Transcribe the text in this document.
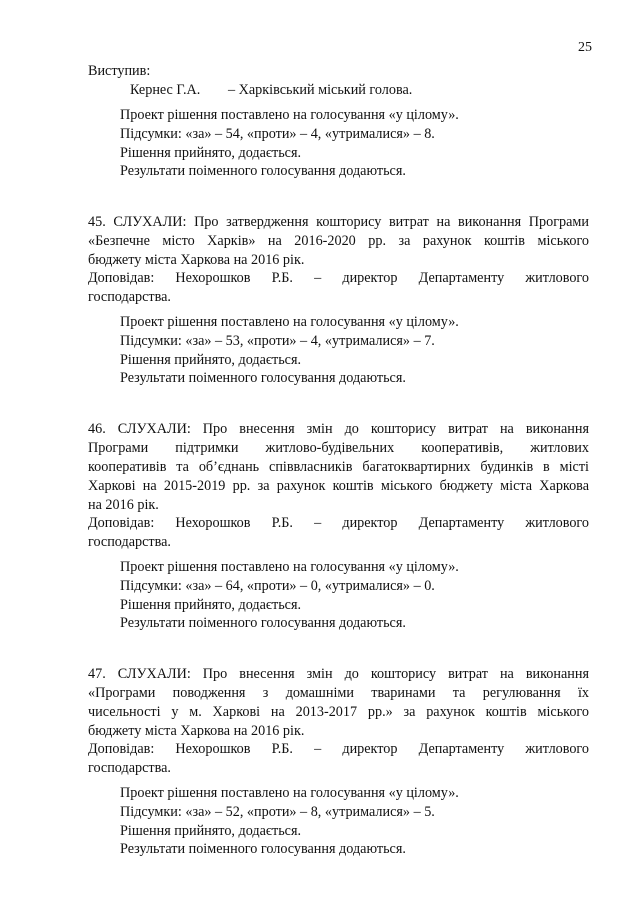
25
Виступив:
Кернес Г.А. – Харківський міський голова.
Проект рішення поставлено на голосування «у цілому».
Підсумки: «за» – 54, «проти» – 4, «утрималися» – 8.
Рішення прийнято, додається.
Результати поіменного голосування додаються.
45. СЛУХАЛИ: Про затвердження кошторису витрат на виконання Програми
«Безпечне місто Харків» на 2016-2020 рр. за рахунок коштів міського
бюджету міста Харкова на 2016 рік.
Доповідав: Нехорошков Р.Б. – директор Департаменту житлового
господарства.
Проект рішення поставлено на голосування «у цілому».
Підсумки: «за» – 53, «проти» – 4, «утрималися» – 7.
Рішення прийнято, додається.
Результати поіменного голосування додаються.
46. СЛУХАЛИ: Про внесення змін до кошторису витрат на виконання
Програми підтримки житлово-будівельних кооперативів, житлових
кооперативів та об’єднань співвласників багатоквартирних будинків в місті
Харкові на 2015-2019 рр. за рахунок коштів міського бюджету міста Харкова
на 2016 рік.
Доповідав: Нехорошков Р.Б. – директор Департаменту житлового
господарства.
Проект рішення поставлено на голосування «у цілому».
Підсумки: «за» – 64, «проти» – 0, «утрималися» – 0.
Рішення прийнято, додається.
Результати поіменного голосування додаються.
47. СЛУХАЛИ: Про внесення змін до кошторису витрат на виконання
«Програми поводження з домашніми тваринами та регулювання їх
чисельності у м. Харкові на 2013-2017 рр.» за рахунок коштів міського
бюджету міста Харкова на 2016 рік.
Доповідав: Нехорошков Р.Б. – директор Департаменту житлового
господарства.
Проект рішення поставлено на голосування «у цілому».
Підсумки: «за» – 52, «проти» – 8, «утрималися» – 5.
Рішення прийнято, додається.
Результати поіменного голосування додаються.
